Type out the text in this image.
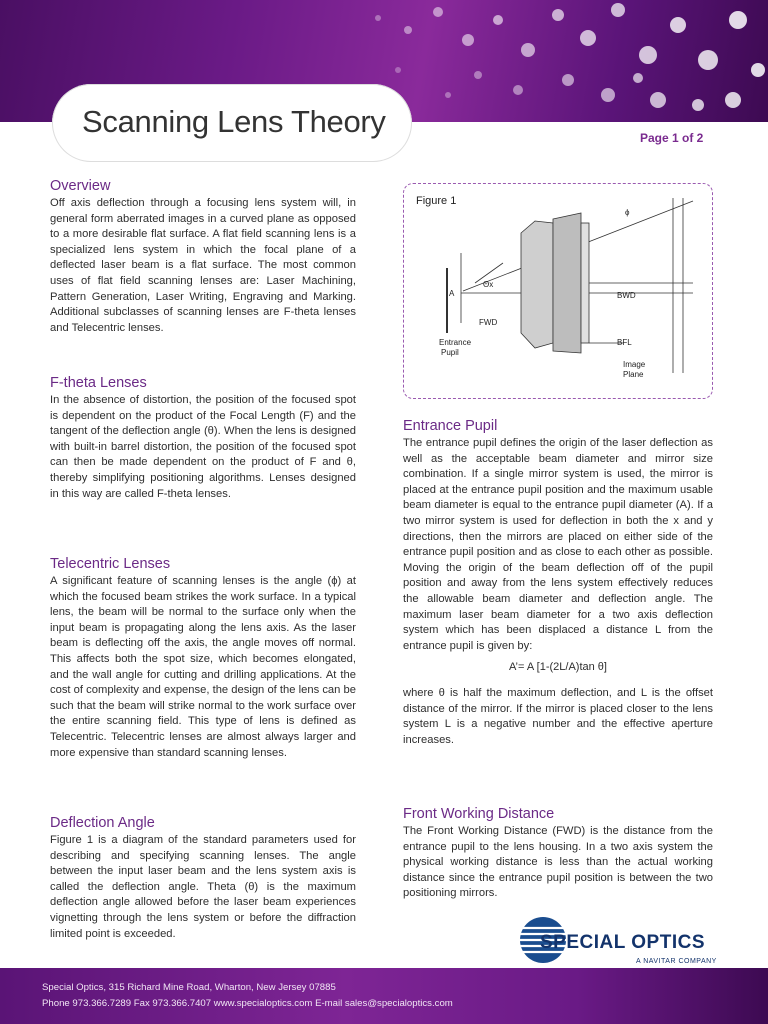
Scanning Lens Theory	Page 1 of 2
Overview

Off axis deflection through a focusing lens system will, in general form aberrated images in a curved plane as opposed to a more desirable flat surface. A flat field scanning lens is a specialized lens system in which the focal plane of a deflected laser beam is a flat surface. The most common uses of flat field scanning lenses are: Laser Machining, Pattern Generation, Laser Writing, Engraving and Marking. Additional subclasses of scanning lenses are F-theta lenses and Telecentric lenses.

F-theta Lenses

In the absence of distortion, the position of the focused spot is dependent on the product of the Focal Length (F) and the tangent of the deflection angle (θ). When the lens is designed with built-in barrel distortion, the position of the focused spot can then be made dependent on the product of F and θ, thereby simplifying positioning algorithms. Lenses designed in this way are called F-theta lenses.

Telecentric Lenses

A significant feature of scanning lenses is the angle (ϕ) at which the focused beam strikes the work surface. In a typical lens, the beam will be normal to the surface only when the input beam is propagating along the lens axis. As the laser beam is deflecting off the axis, the angle moves off normal. This affects both the spot size, which becomes elongated, and the wall angle for cutting and drilling applications. At the cost of complexity and expense, the design of the lens can be such that the beam will strike normal to the work surface over the entire scanning field. This type of lens is defined as Telecentric. Telecentric lenses are almost always larger and more expensive than standard scanning lenses.

Deflection Angle

Figure 1 is a diagram of the standard parameters used for describing and specifying scanning lenses. The angle between the input laser beam and the lens system axis is called the deflection angle. Theta (θ) is the maximum deflection angle allowed before the laser beam experiences vignetting through the lens system or before the diffraction limited point is exceeded.

Figure 1
A
Θx
ϕ
FWD
BWD
BFL
Entrance
Pupil
Image
Plane
Entrance Pupil

The entrance pupil defines the origin of the laser deflection as well as the acceptable beam diameter and mirror size combination. If a single mirror system is used, the mirror is placed at the entrance pupil position and the maximum usable beam diameter is equal to the entrance pupil diameter (A). If a two mirror system is used for deflection in both the x and y directions, then the mirrors are placed on either side of the entrance pupil position and as close to each other as possible. Moving the origin of the beam deflection off of the pupil position and away from the lens system effectively reduces the allowable beam diameter and deflection angle. The maximum laser beam diameter for a two axis deflection system which has been displaced a distance L from the entrance pupil is given by:

A’= A [1-(2L/A)tan θ]

where θ is half the maximum deflection, and L is the offset distance of the mirror. If the mirror is placed closer to the lens system L is a negative number and the effective aperture increases.

Front Working Distance

The Front Working Distance (FWD) is the distance from the entrance pupil to the lens housing. In a two axis system the physical working distance is less than the actual working distance since the entrance pupil position is between the two positioning mirrors.

SPECIAL OPTICS
A NAVITAR COMPANY
Special Optics, 315 Richard Mine Road, Wharton, New Jersey 07885
Phone 973.366.7289 Fax 973.366.7407 www.specialoptics.com E-mail sales@specialoptics.com
